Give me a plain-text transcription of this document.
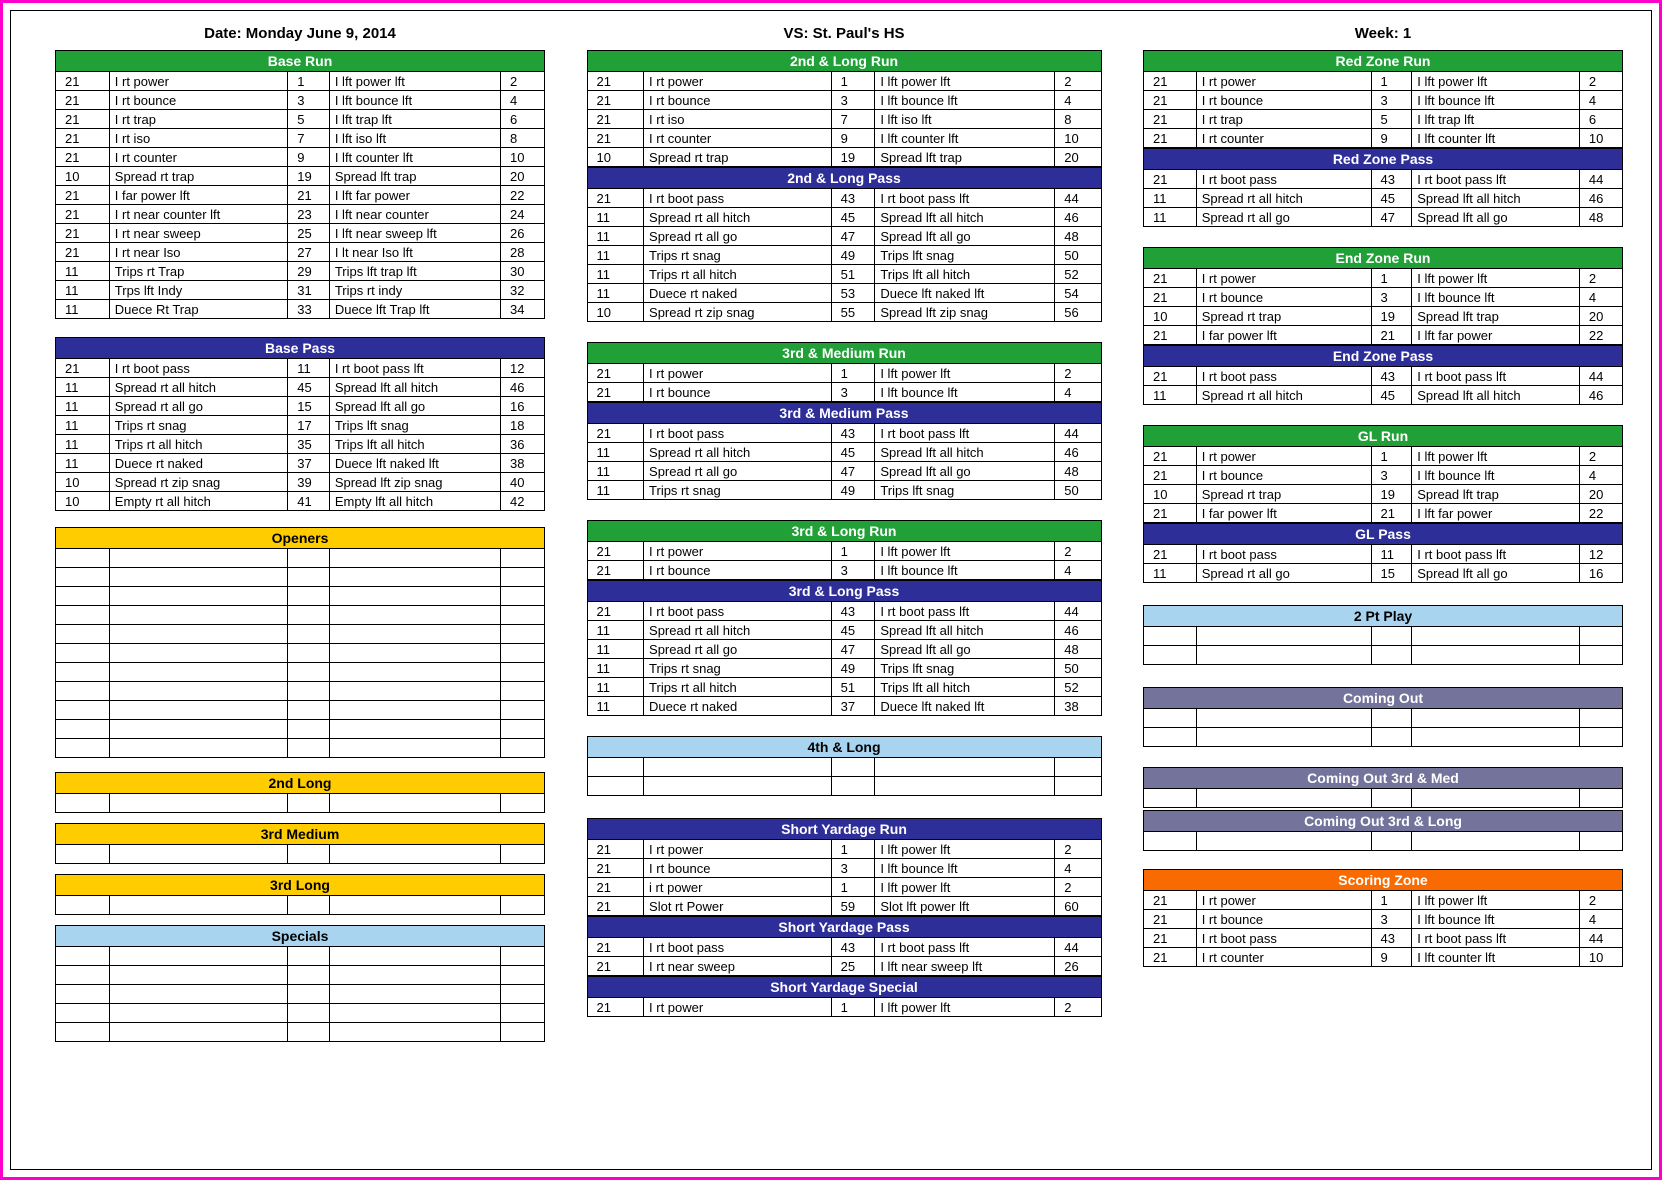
Date: Monday June 9, 2014	VS: St. Paul's HS	Week: 1
Base Run				
21	I rt power	1	I lft power lft	2
21	I rt bounce	3	I lft bounce lft	4
21	I rt trap	5	I lft trap lft	6
21	I rt iso	7	I lft iso lft	8
21	I rt counter	9	I lft counter lft	10
10	Spread rt trap	19	Spread lft trap	20
21	I far power lft	21	I lft far power	22
21	I rt near counter lft	23	I lft near counter	24
21	I rt near sweep	25	I lft near sweep lft	26
21	I rt near Iso	27	I lt near Iso lft	28
11	Trips rt Trap	29	Trips lft trap lft	30
11	Trps lft Indy	31	Trips rt indy	32
11	Duece Rt Trap	33	Duece lft Trap lft	34
Base Pass				
21	I rt boot pass	11	I rt boot pass lft	12
11	Spread rt all hitch	45	Spread lft all hitch	46
11	Spread rt all go	15	Spread lft all go	16
11	Trips rt snag	17	Trips lft snag	18
11	Trips rt all hitch	35	Trips lft all hitch	36
11	Duece rt naked	37	Duece lft naked lft	38
10	Spread rt zip snag	39	Spread lft zip snag	40
10	Empty rt all hitch	41	Empty lft all hitch	42
Openers				

2nd Long

3rd Medium

3rd Long

Specials				

2nd & Long Run				
21	I rt power	1	I lft power lft	2
21	I rt bounce	3	I lft bounce lft	4
21	I rt iso	7	I lft iso lft	8
21	I rt counter	9	I lft counter lft	10
10	Spread rt trap	19	Spread lft trap	20
2nd & Long Pass				
21	I rt boot pass	43	I rt boot pass lft	44
11	Spread rt all hitch	45	Spread lft all hitch	46
11	Spread rt all go	47	Spread lft all go	48
11	Trips rt snag	49	Trips lft snag	50
11	Trips rt all hitch	51	Trips lft all hitch	52
11	Duece rt naked	53	Duece lft naked lft	54
10	Spread rt zip snag	55	Spread lft zip snag	56
3rd & Medium Run				
21	I rt power	1	I lft power lft	2
21	I rt bounce	3	I lft bounce lft	4
3rd & Medium Pass				
21	I rt boot pass	43	I rt boot pass lft	44
11	Spread rt all hitch	45	Spread lft all hitch	46
11	Spread rt all go	47	Spread lft all go	48
11	Trips rt snag	49	Trips lft snag	50
3rd & Long Run				
21	I rt power	1	I lft power lft	2
21	I rt bounce	3	I lft bounce lft	4
3rd & Long Pass				
21	I rt boot pass	43	I rt boot pass lft	44
11	Spread rt all hitch	45	Spread lft all hitch	46
11	Spread rt all go	47	Spread lft all go	48
11	Trips rt snag	49	Trips lft snag	50
11	Trips rt all hitch	51	Trips lft all hitch	52
11	Duece rt naked	37	Duece lft naked lft	38
4th & Long				

Short Yardage Run				
21	I rt power	1	I lft power lft	2
21	I rt bounce	3	I lft bounce lft	4
21	i rt power	1	I lft power lft	2
21	Slot rt Power	59	Slot lft power lft	60
Short Yardage Pass				
21	I rt boot pass	43	I rt boot pass lft	44
21	I rt near sweep	25	I lft near sweep lft	26
Short Yardage Special
21	I rt power	1	I lft power lft	2
Red Zone Run				
21	I rt power	1	I lft power lft	2
21	I rt bounce	3	I lft bounce lft	4
21	I rt trap	5	I lft trap lft	6
21	I rt counter	9	I lft counter lft	10
Red Zone Pass				
21	I rt boot pass	43	I rt boot pass lft	44
11	Spread rt all hitch	45	Spread lft all hitch	46
11	Spread rt all go	47	Spread lft all go	48
End Zone Run				
21	I rt power	1	I lft power lft	2
21	I rt bounce	3	I lft bounce lft	4
10	Spread rt trap	19	Spread lft trap	20
21	I far power lft	21	I lft far power	22
End Zone Pass				
21	I rt boot pass	43	I rt boot pass lft	44
11	Spread rt all hitch	45	Spread lft all hitch	46
GL Run				
21	I rt power	1	I lft power lft	2
21	I rt bounce	3	I lft bounce lft	4
10	Spread rt trap	19	Spread lft trap	20
21	I far power lft	21	I lft far power	22
GL Pass				
21	I rt boot pass	11	I rt boot pass lft	12
11	Spread rt all go	15	Spread lft all go	16
2 Pt Play				

Coming Out				

Coming Out 3rd & Med

Coming Out 3rd & Long

Scoring Zone				
21	I rt power	1	I lft power lft	2
21	I rt bounce	3	I lft bounce lft	4
21	I rt boot pass	43	I rt boot pass lft	44
21	I rt counter	9	I lft counter lft	10
